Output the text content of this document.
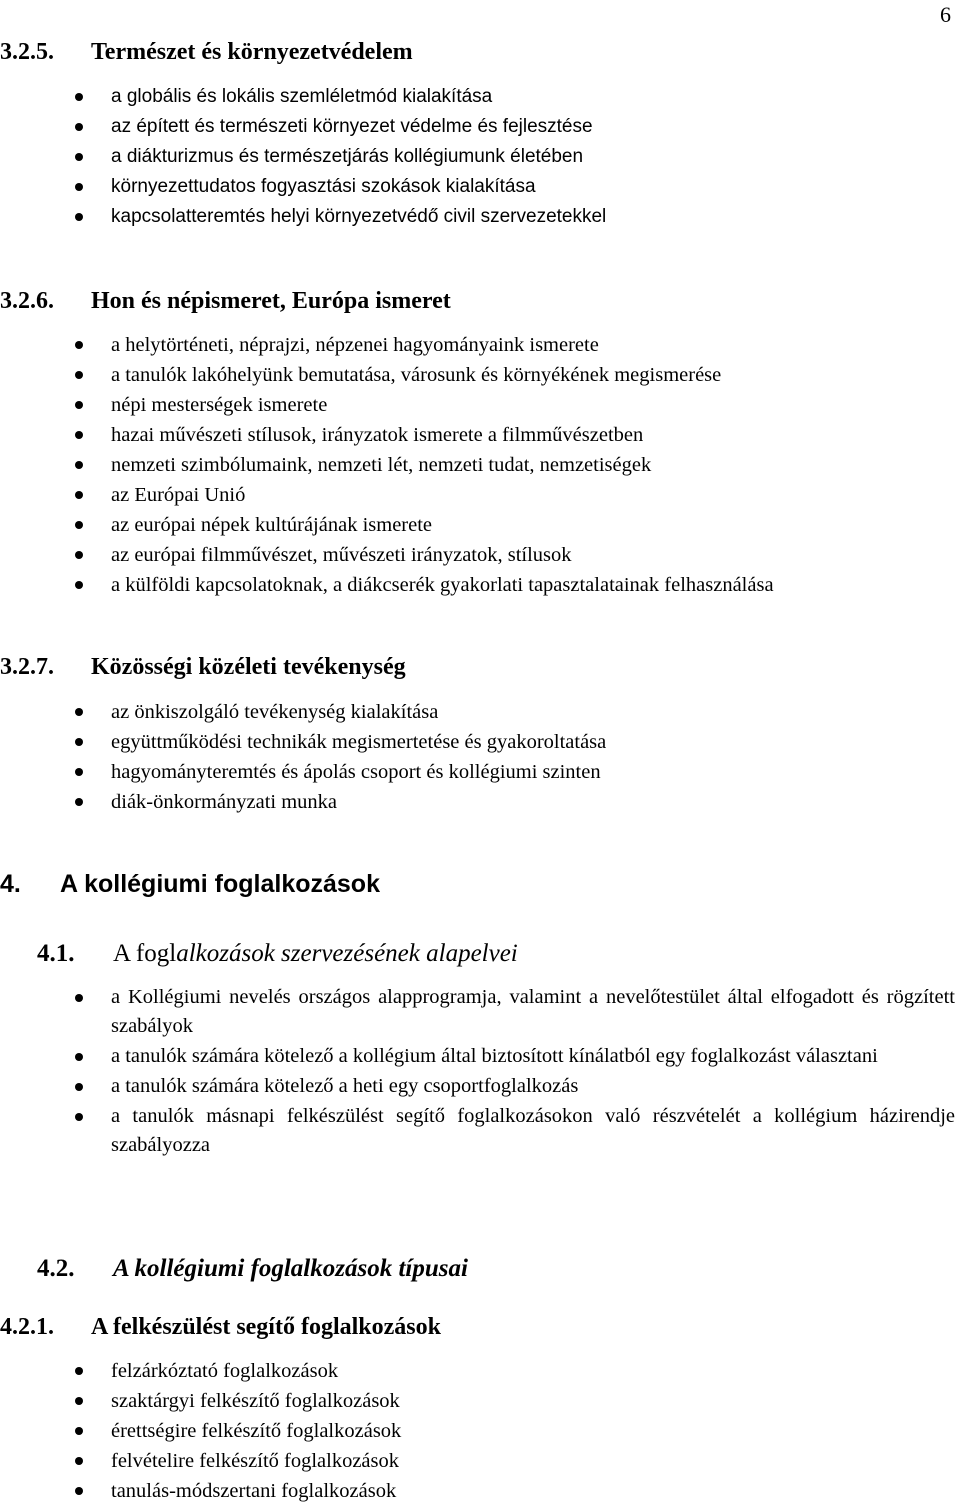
6
3.2.5. Természet és környezetvédelem
a globális és lokális szemléletmód kialakítása
az épített és természeti környezet védelme és fejlesztése
a diákturizmus és természetjárás kollégiumunk életében
környezettudatos fogyasztási szokások kialakítása
kapcsolatteremtés helyi környezetvédő civil szervezetekkel
3.2.6. Hon és népismeret, Európa ismeret
a helytörténeti, néprajzi, népzenei hagyományaink ismerete
a tanulók lakóhelyünk bemutatása, városunk és környékének megismerése
népi mesterségek ismerete
hazai művészeti stílusok, irányzatok ismerete a filmművészetben
nemzeti szimbólumaink, nemzeti lét, nemzeti tudat, nemzetiségek
az Európai Unió
az európai népek kultúrájának ismerete
az európai filmművészet, művészeti irányzatok, stílusok
a külföldi kapcsolatoknak, a diákcserék gyakorlati tapasztalatainak felhasználása
3.2.7. Közösségi közéleti tevékenység
az önkiszolgáló tevékenység kialakítása
együttműködési technikák megismertetése és gyakoroltatása
hagyományteremtés és ápolás csoport és kollégiumi szinten
diák-önkormányzati munka
4. A kollégiumi foglalkozások
4.1. A foglalkozások szervezésének alapelvei
a Kollégiumi nevelés országos alapprogramja, valamint a nevelőtestület által elfogadott és rögzített szabályok
a tanulók számára kötelező a kollégium által biztosított kínálatból egy foglalkozást választani
a tanulók számára kötelező a heti egy csoportfoglalkozás
a tanulók másnapi felkészülést segítő foglalkozásokon való részvételét a kollégium házirendje szabályozza
4.2. A kollégiumi foglalkozások típusai
4.2.1. A felkészülést segítő foglalkozások
felzárkóztató foglalkozások
szaktárgyi felkészítő foglalkozások
érettségire felkészítő foglalkozások
felvételire felkészítő foglalkozások
tanulás-módszertani foglalkozások
